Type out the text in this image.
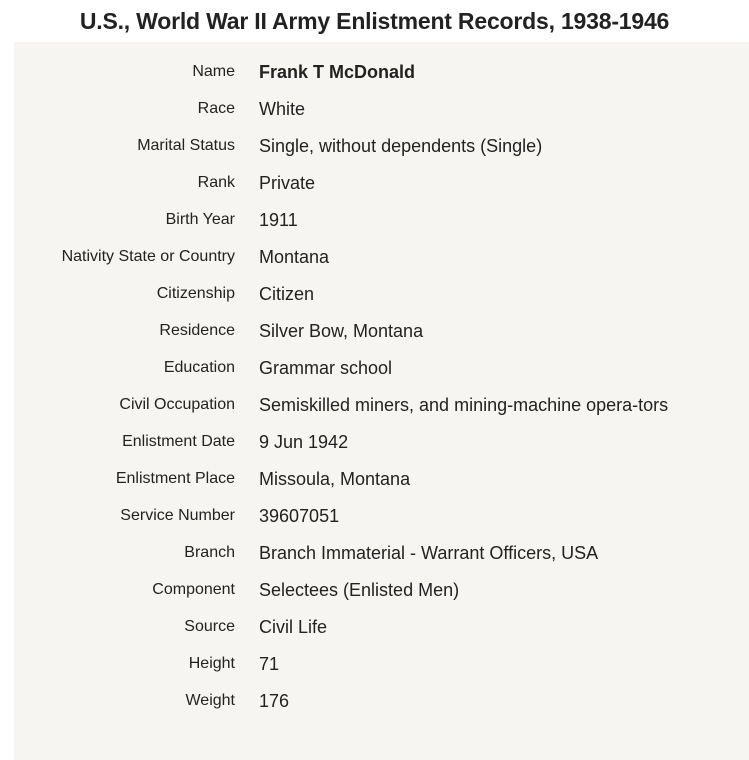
U.S., World War II Army Enlistment Records, 1938-1946
Name Frank T McDonald
Race White
Marital Status Single, without dependents (Single)
Rank Private
Birth Year 1911
Nativity State or Country Montana
Citizenship Citizen
Residence Silver Bow, Montana
Education Grammar school
Civil Occupation Semiskilled miners, and mining-machine opera-tors
Enlistment Date 9 Jun 1942
Enlistment Place Missoula, Montana
Service Number 39607051
Branch Branch Immaterial - Warrant Officers, USA
Component Selectees (Enlisted Men)
Source Civil Life
Height 71
Weight 176
